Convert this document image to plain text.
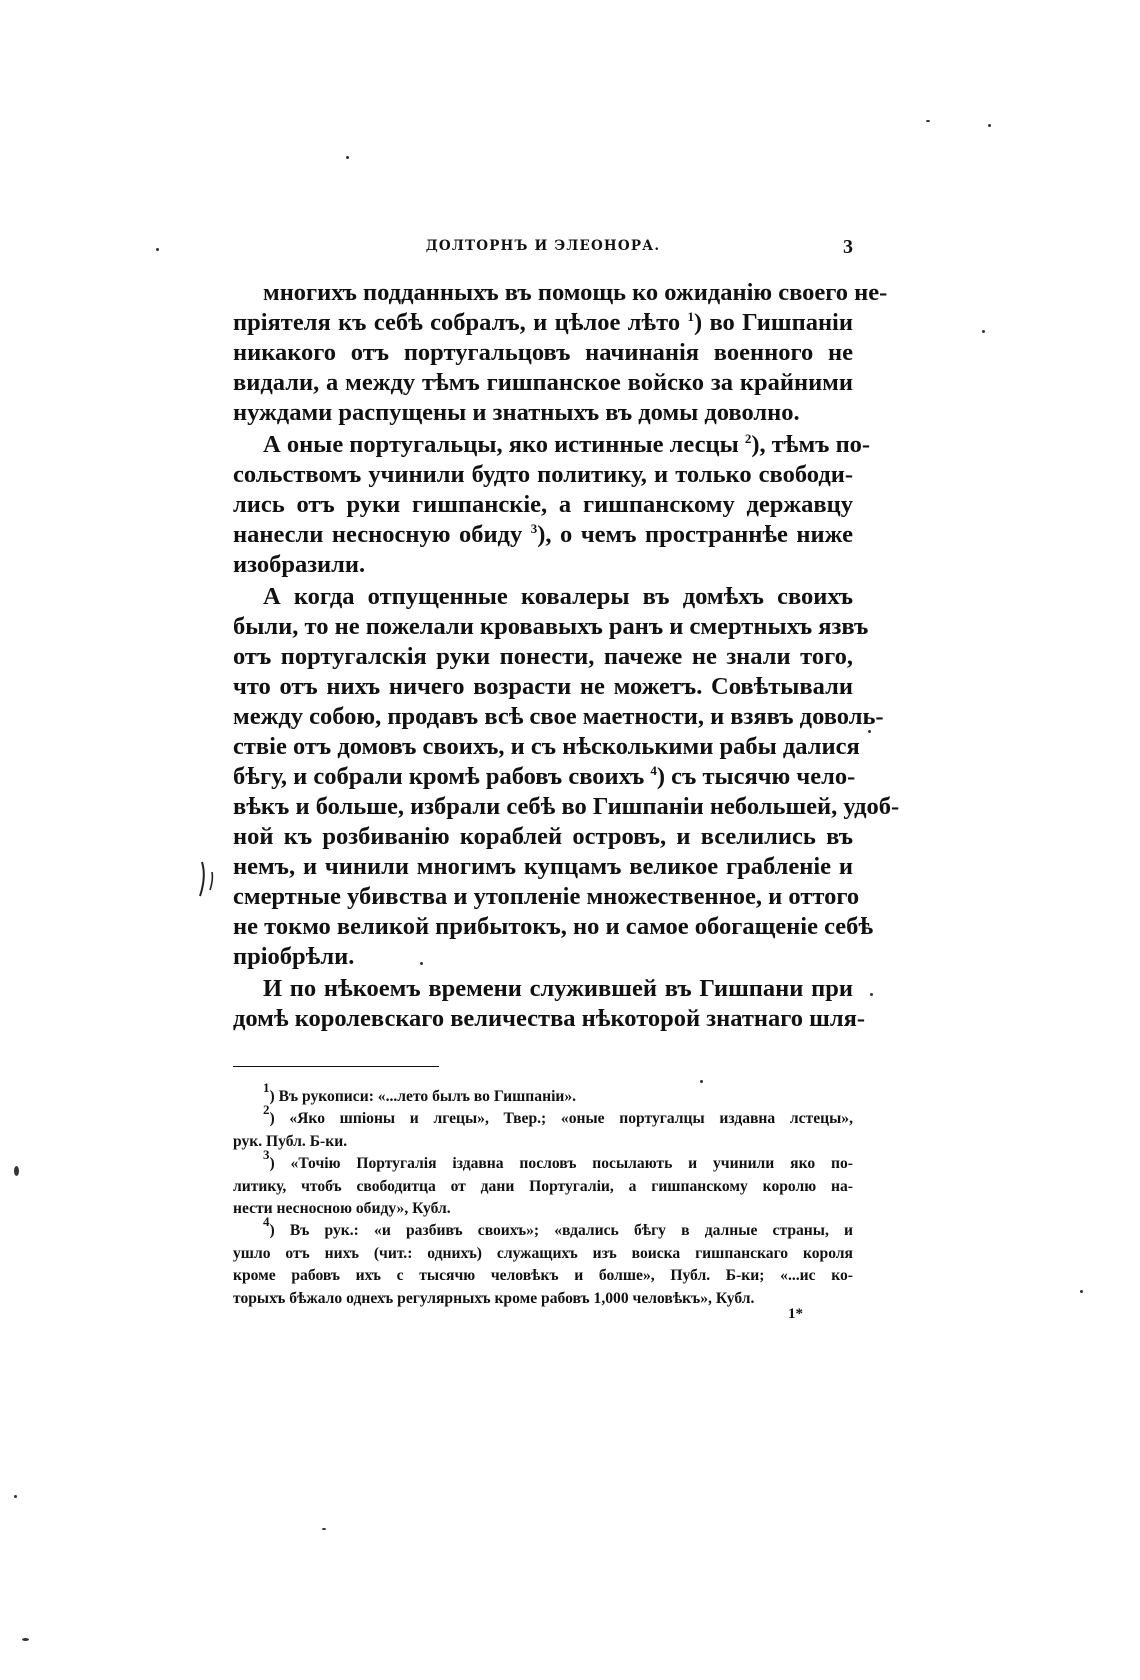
ДОЛТОРНЪ И ЭЛЕОНОРА.	3
многихъ подданныхъ въ помощь ко ожиданію своего не-
пріятеля къ себѣ собралъ, и цѣлое лѣто $^1$) во Гишпаніи
никакого отъ португальцовъ начинанія военного не
видали, а между тѣмъ гишпанское войско за крайними
нуждами распущены и знатныхъ въ домы доволно.
А оные португальцы, яко истинные лесцы $^2$), тѣмъ по-
сольствомъ учинили будто политику, и только свободи-
лись отъ руки гишпанскіе, а гишпанскому державцу
нанесли несносную обиду $^3$), о чемъ пространнѣе ниже
изобразили.
А когда отпущенные ковалеры въ домѣхъ своихъ
были, то не пожелали кровавыхъ ранъ и смертныхъ язвъ
отъ португалскія руки понести, пачеже не знали того,
что отъ нихъ ничего возрасти не можетъ. Совѣтывали
между собою, продавъ всѣ свое маетности, и взявъ доволь-
ствіе отъ домовъ своихъ, и съ нѣсколькими рабы далися
бѣгу, и собрали кромѣ рабовъ своихъ $^4$) съ тысячю чело-
вѣкъ и больше, избрали себѣ во Гишпаніи небольшей, удоб-
ной къ розбиванію кораблей островъ, и вселились въ
немъ, и чинили многимъ купцамъ великое грабленіе и
смертные убивства и утопленіе множественное, и оттого
не токмо великой прибытокъ, но и самое обогащеніе себѣ
пріобрѣли.
И по нѣкоемъ времени служившей въ Гишпани при
домѣ королевскаго величества нѣкоторой знатнаго шля-
$^1$) Въ рукописи: «...лето былъ во Гишпаніи».
$^2$) «Яко шпіоны и лгецы», Твер.; «оные португалцы издавна лстецы»,
рук. Публ. Б-ки.
$^3$) «Точію Португалія іздавна пословъ посылають и учинили яко по-
литику, чтобъ свободитца от дани Португаліи, а гишпанскому королю на-
нести несносною обиду», Кубл.
$^4$) Въ рук.: «и разбивъ своихъ»; «вдались бѣгу в далные страны, и
ушло отъ нихъ (чит.: однихъ) служащихъ изъ воиска гишпанскаго короля
кроме рабовъ ихъ с тысячю человѣкъ и болше», Публ. Б-ки; «...ис ко-
торыхъ бѣжало однехъ регулярныхъ кроме рабовъ 1,000 человѣкъ», Кубл.
1*
